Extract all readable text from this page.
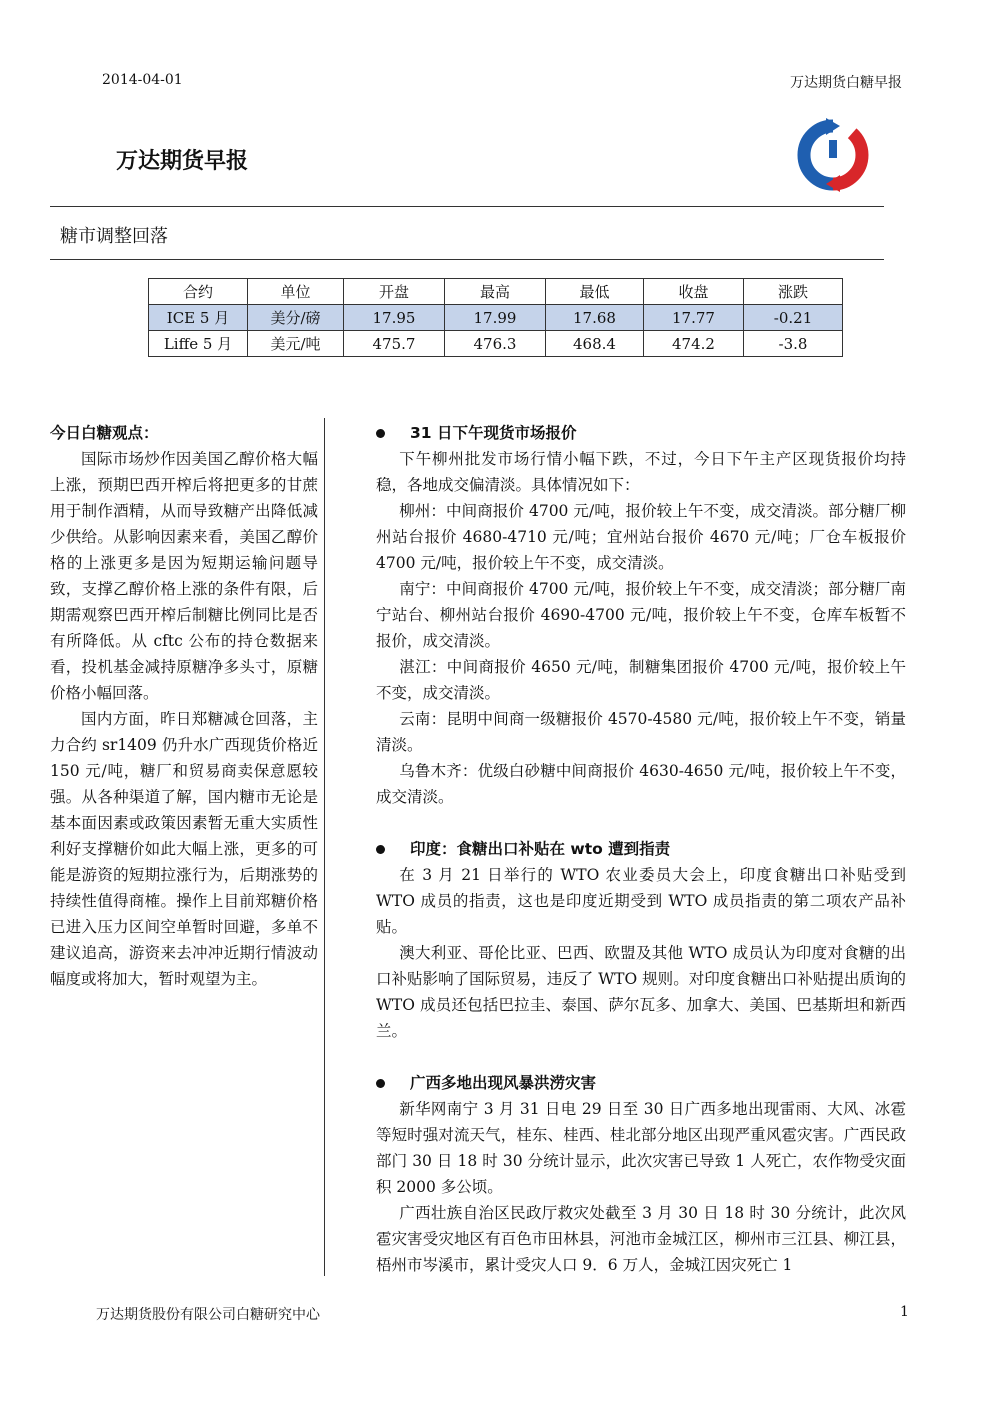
2014-04-01	万达期货白糖早报
万达期货早报
糖市调整回落
合约	单位	开盘	最高	最低	收盘	涨跌
ICE 5 月	美分/磅	17.95	17.99	17.68	17.77	-0.21
Liffe 5 月	美元/吨	475.7	476.3	468.4	474.2	-3.8
今日白糖观点：

国际市场炒作因美国乙醇价格大幅上涨，预期巴西开榨后将把更多的甘蔗用于制作酒精，从而导致糖产出降低减少供给。从影响因素来看，美国乙醇价格的上涨更多是因为短期运输问题导致，支撑乙醇价格上涨的条件有限，后期需观察巴西开榨后制糖比例同比是否有所降低。从 cftc 公布的持仓数据来看，投机基金减持原糖净多头寸，原糖价格小幅回落。

国内方面，昨日郑糖减仓回落，主力合约 sr1409 仍升水广西现货价格近 150 元/吨，糖厂和贸易商卖保意愿较强。从各种渠道了解，国内糖市无论是基本面因素或政策因素暂无重大实质性利好支撑糖价如此大幅上涨，更多的可能是游资的短期拉涨行为，后期涨势的持续性值得商榷。操作上目前郑糖价格已进入压力区间空单暂时回避，多单不建议追高，游资来去冲冲近期行情波动幅度或将加大，暂时观望为主。

31 日下午现货市场报价

下午柳州批发市场行情小幅下跌，不过，今日下午主产区现货报价均持稳，各地成交偏清淡。具体情况如下：

柳州：中间商报价 4700 元/吨，报价较上午不变，成交清淡。部分糖厂柳州站台报价 4680-4710 元/吨；宜州站台报价 4670 元/吨；厂仓车板报价 4700 元/吨，报价较上午不变，成交清淡。

南宁：中间商报价 4700 元/吨，报价较上午不变，成交清淡；部分糖厂南宁站台、柳州站台报价 4690-4700 元/吨，报价较上午不变，仓库车板暂不报价，成交清淡。

湛江：中间商报价 4650 元/吨，制糖集团报价 4700 元/吨，报价较上午不变，成交清淡。

云南：昆明中间商一级糖报价 4570-4580 元/吨，报价较上午不变，销量清淡。

乌鲁木齐：优级白砂糖中间商报价 4630-4650 元/吨，报价较上午不变，成交清淡。

印度：食糖出口补贴在 wto 遭到指责

在 3 月 21 日举行的 WTO 农业委员大会上，印度食糖出口补贴受到 WTO 成员的指责，这也是印度近期受到 WTO 成员指责的第二项农产品补贴。

澳大利亚、哥伦比亚、巴西、欧盟及其他 WTO 成员认为印度对食糖的出口补贴影响了国际贸易，违反了 WTO 规则。对印度食糖出口补贴提出质询的 WTO 成员还包括巴拉圭、泰国、萨尔瓦多、加拿大、美国、巴基斯坦和新西兰。

广西多地出现风暴洪涝灾害

新华网南宁 3 月 31 日电 29 日至 30 日广西多地出现雷雨、大风、冰雹等短时强对流天气，桂东、桂西、桂北部分地区出现严重风雹灾害。广西民政部门 30 日 18 时 30 分统计显示，此次灾害已导致 1 人死亡，农作物受灾面积 2000 多公顷。

广西壮族自治区民政厅救灾处截至 3 月 30 日 18 时 30 分统计，此次风雹灾害受灾地区有百色市田林县，河池市金城江区，柳州市三江县、柳江县，梧州市岑溪市，累计受灾人口 9．6 万人，金城江因灾死亡 1

万达期货股份有限公司白糖研究中心	1
